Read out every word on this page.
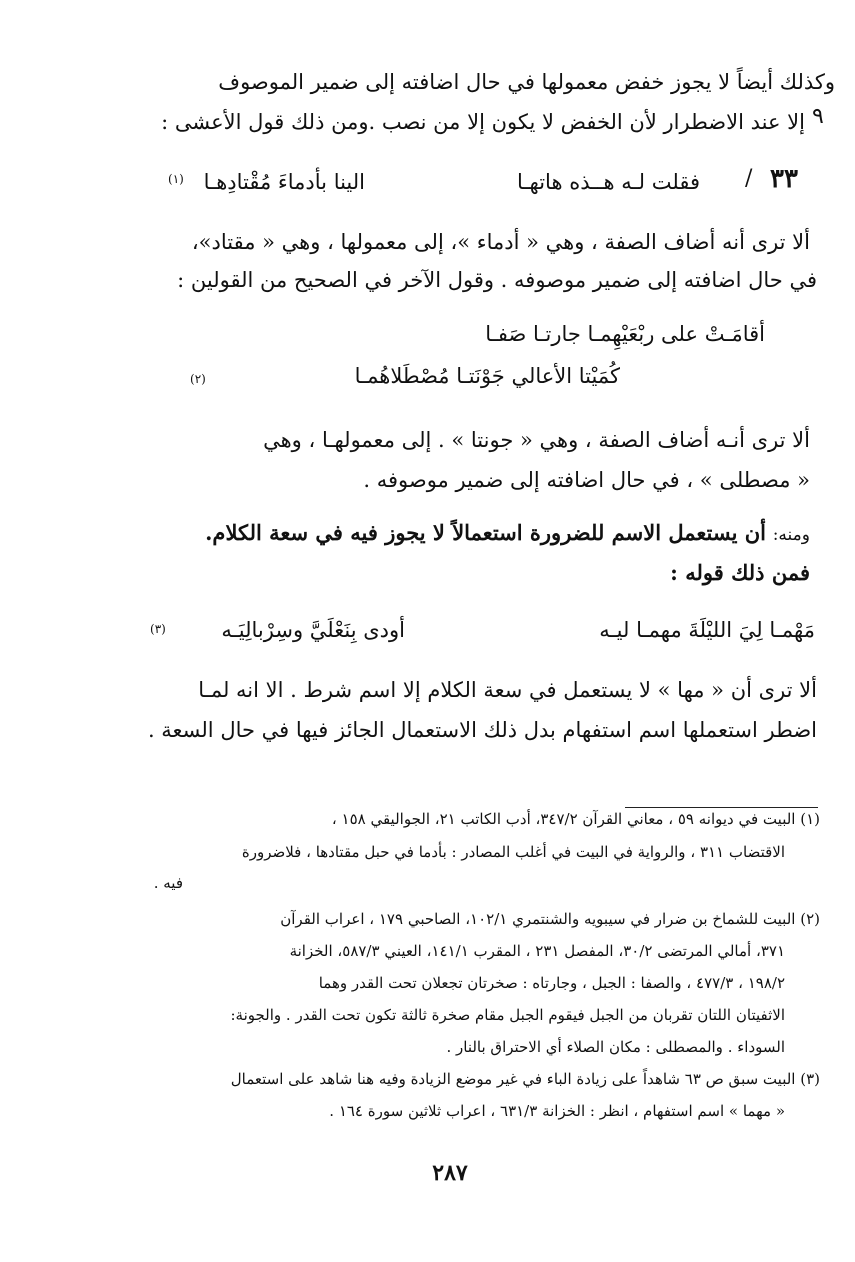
وكذلك أيضاً لا يجوز خفض معمولها في حال اضافته إلى ضمير الموصوف
٩
إلا عند الاضطرار لأن الخفض لا يكون إلا من نصب .ومن ذلك قول الأعشى :
٣٣
/
فقلت لـه هــذه هاتهـا
الينا بأدماءَ مُقْتادِهـا
(١)
ألا ترى أنه أضاف الصفة ، وهي « أدماء »، إلى معمولها ، وهي « مقتاد»،
في حال اضافته إلى ضمير موصوفه . وقول الآخر في الصحيح من القولين :
أقامَـتْ على ربْعَيْهِمـا جارتـا صَفـا
كُمَيْتا الأعالي جَوْنَتـا مُصْطَلاهُمـا
(٢)
ألا ترى أنـه أضاف الصفة ، وهي « جونتا » . إلى معمولهـا ، وهي
« مصطلى » ، في حال اضافته إلى ضمير موصوفه .
ومنه: أن يستعمل الاسم للضرورة استعمالاً لا يجوز فيه في سعة الكلام.
فمن ذلك قوله :
مَهْمـا لِيَ الليْلَةَ مهمـا ليـه
أودى بِنَعْلَيَّ وسِرْبالِيَـه
(٣)
ألا ترى أن « مها » لا يستعمل في سعة الكلام إلا اسم شرط . الا انه لمـا
اضطر استعملها اسم استفهام بدل ذلك الاستعمال الجائز فيها في حال السعة .
(١) البيت في ديوانه ٥٩ ، معاني القرآن ٣٤٧/٢، أدب الكاتب ٢١، الجواليقي ١٥٨ ،
الاقتضاب ٣١١ ، والرواية في البيت في أغلب المصادر : بأدما في حبل مقتادها ، فلاضرورة
فيه .
(٢) البيت للشماخ بن ضرار في سيبويه والشنتمري ١٠٢/١، الصاحبي ١٧٩ ، اعراب القرآن
٣٧١، أمالي المرتضى ٣٠/٢، المفصل ٢٣١ ، المقرب ١٤١/١، العيني ٥٨٧/٣، الخزانة
١٩٨/٢ ، ٤٧٧/٣ ، والصفا : الجبل ، وجارتاه : صخرتان تجعلان تحت القدر وهما
الاثفيتان اللتان تقربان من الجبل فيقوم الجبل مقام صخرة ثالثة تكون تحت القدر . والجونة:
السوداء . والمصطلى : مكان الصلاء أي الاحتراق بالنار .
(٣) البيت سبق ص ٦٣ شاهداً على زيادة الباء في غير موضع الزيادة وفيه هنا شاهد على استعمال
« مهما » اسم استفهام ، انظر : الخزانة ٦٣١/٣ ، اعراب ثلاثين سورة ١٦٤ .
٢٨٧
